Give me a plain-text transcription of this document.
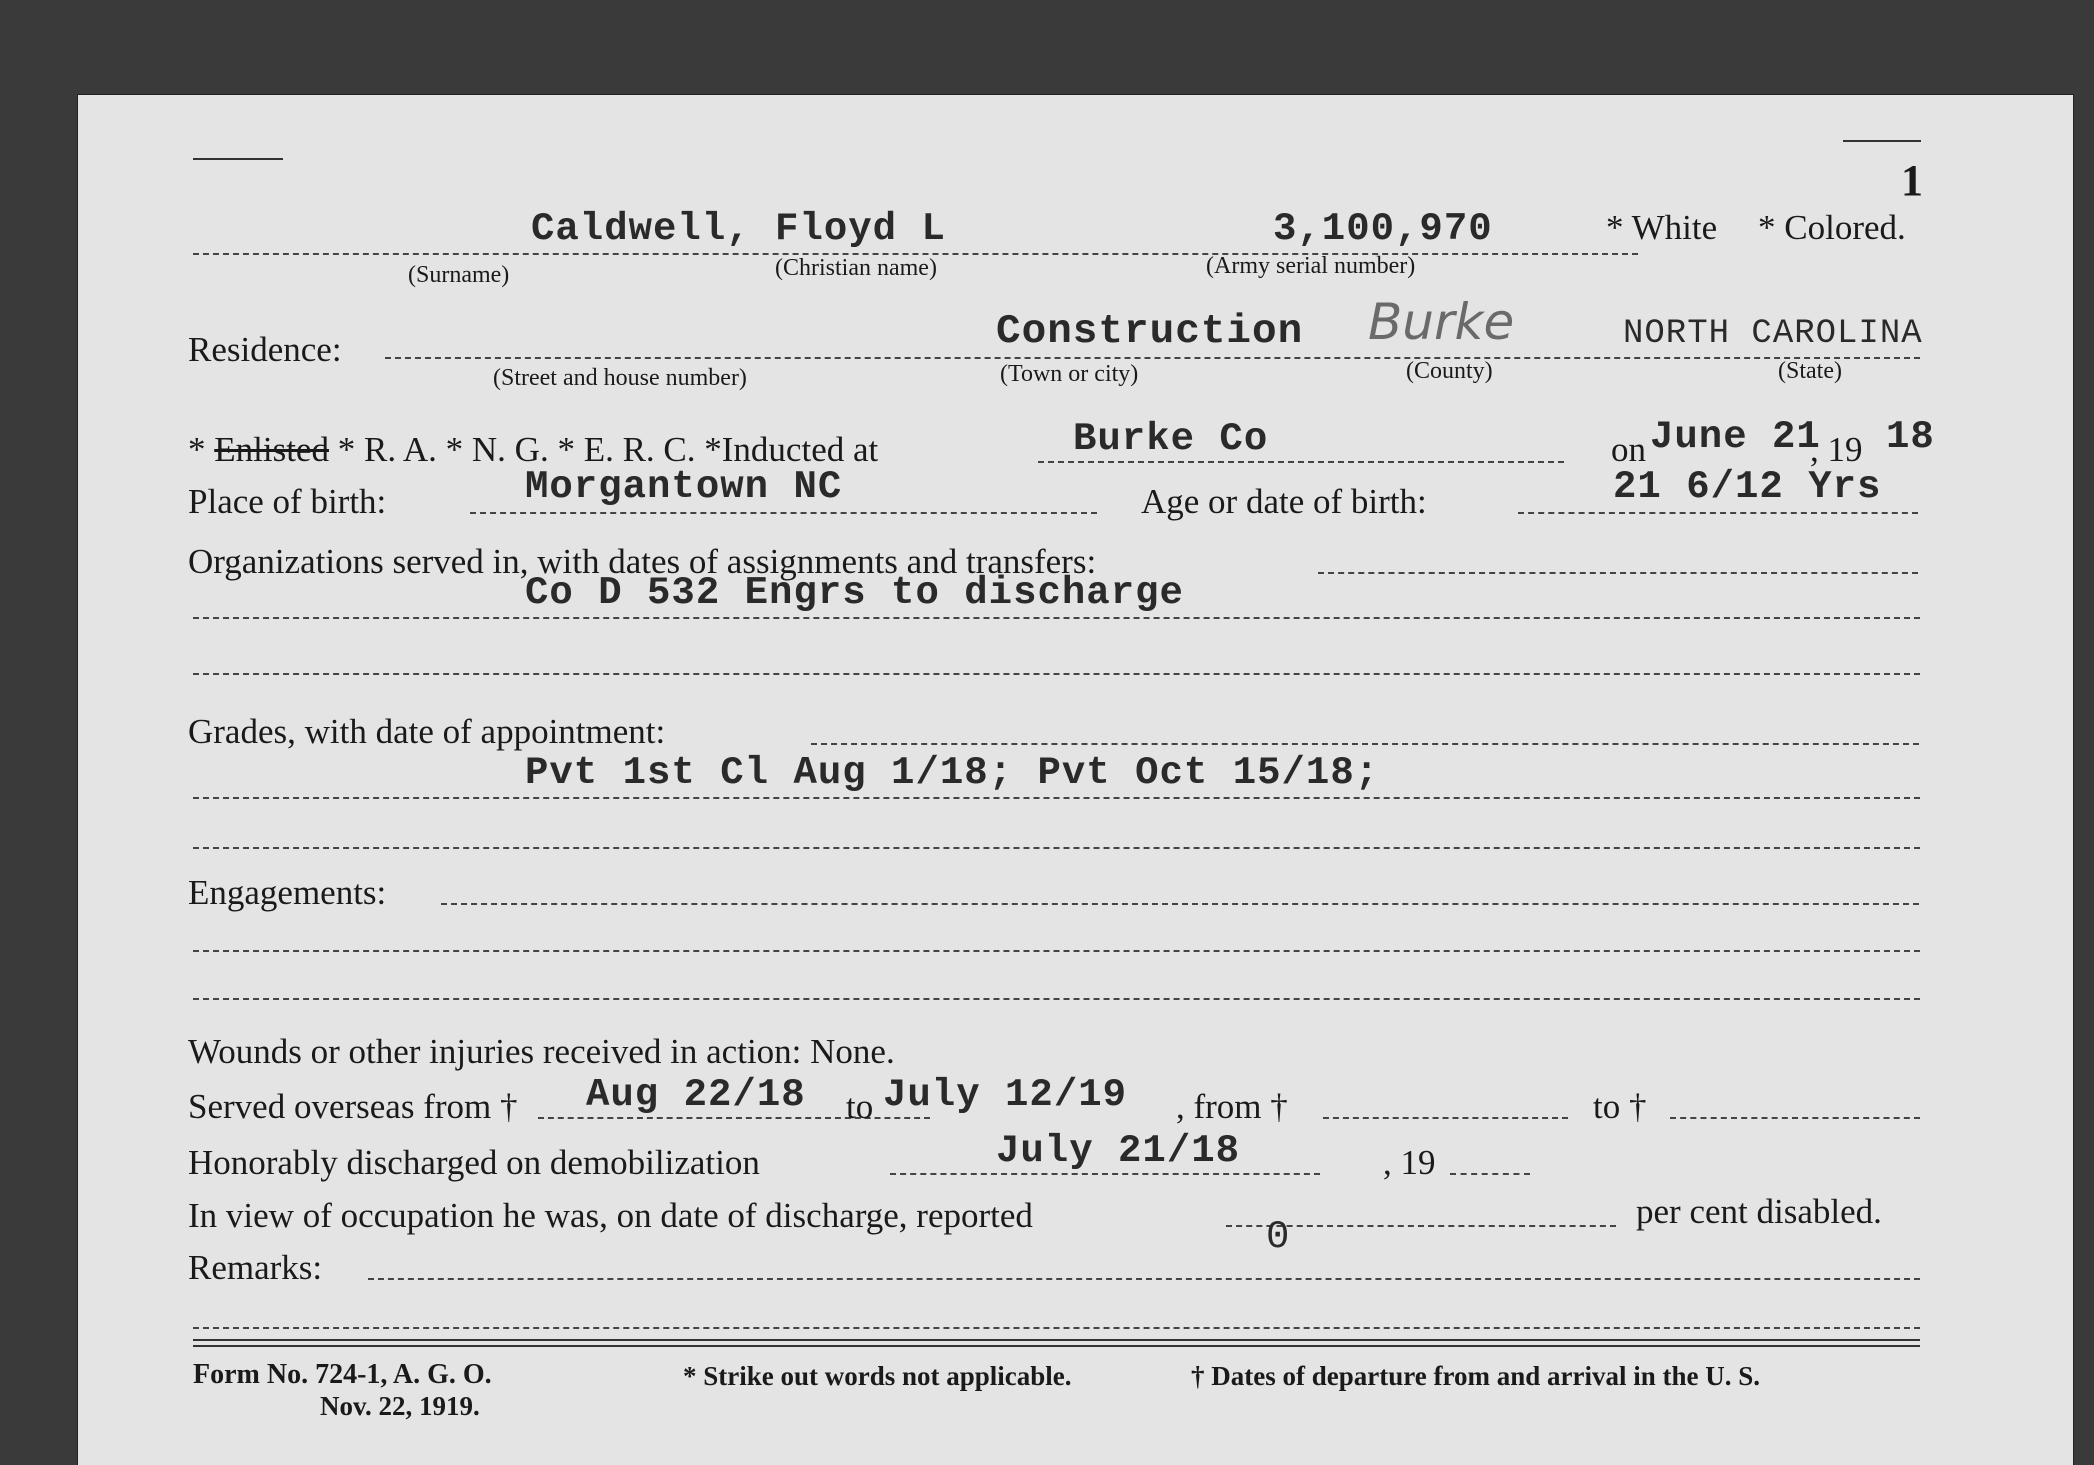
1
Caldwell, Floyd L	3,100,970	* White * Colored.
(Surname)	(Christian name)	(Army serial number)
Residence:	Construction Burke	NORTH CAROLINA
(Street and house number)	(Town or city)	(County)	(State)
* Enlisted * R. A. * N. G. * E. R. C. *Inducted at	Burke Co	on June 21
, 19 18
Place of birth:	Morgantown NC	Age or date of birth:	21 6/12 Yrs
Organizations served in, with dates of assignments and transfers:
Co D 532 Engrs to discharge
Grades, with date of appointment:
Pvt 1st Cl Aug 1/18; Pvt Oct 15/18;
Engagements:
Wounds or other injuries received in action: None.
Served overseas from † Aug 22/18 to July 12/19 , from †	to †
Honorably discharged on demobilization	July 21/18	, 19
In view of occupation he was, on date of discharge, reported	0
per cent disabled.
Remarks:
Form No. 724-1, A. G. O.
Nov. 22, 1919.
* Strike out words not applicable.	† Dates of departure from and arrival in the U. S.
